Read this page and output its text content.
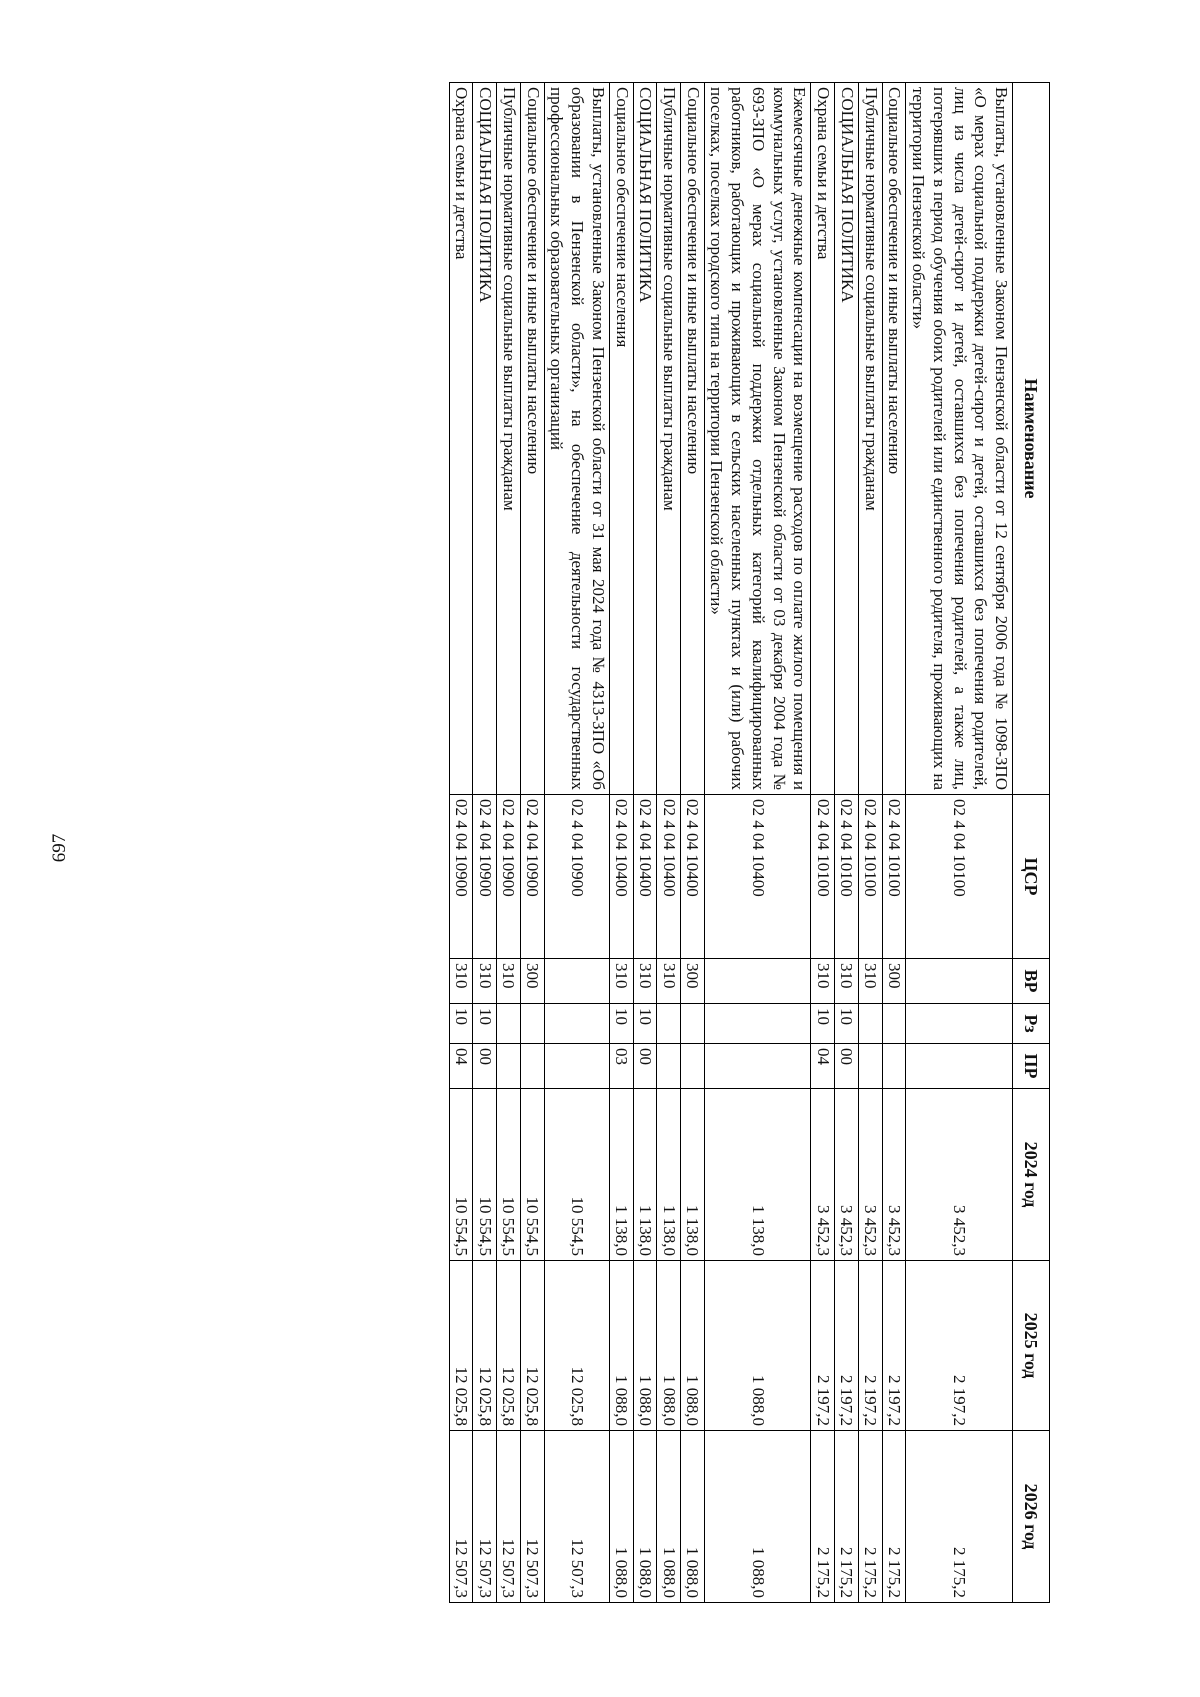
697
Наименование	ЦСР	ВР	Рз	ПР	2024 год	2025 год	2026 год
Выплаты, установленные Законом Пензенской области от 12 сентября 2006 года № 1098-ЗПО «О мерах социальной поддержки детей-сирот и детей, оставшихся без попечения родителей, лиц из числа детей-сирот и детей, оставшихся без попечения родителей, а также лиц, потерявших в период обучения обоих родителей или единственного родителя, проживающих на территории Пензенской области»	02 4 04 10100				3 452,3	2 197,2	2 175,2
Социальное обеспечение и иные выплаты населению	02 4 04 10100	300			3 452,3	2 197,2	2 175,2
Публичные нормативные социальные выплаты гражданам	02 4 04 10100	310			3 452,3	2 197,2	2 175,2
СОЦИАЛЬНАЯ ПОЛИТИКА	02 4 04 10100	310	10	00	3 452,3	2 197,2	2 175,2
Охрана семьи и детства	02 4 04 10100	310	10	04	3 452,3	2 197,2	2 175,2
Ежемесячные денежные компенсации на возмещение расходов по оплате жилого помещения и коммунальных услуг, установленные Законом Пензенской области от 03 декабря 2004 года № 693-ЗПО «О мерах социальной поддержки отдельных категорий квалифицированных работников, работающих и проживающих в сельских населенных пунктах и (или) рабочих поселках, поселках городского типа на территории Пензенской области»	02 4 04 10400				1 138,0	1 088,0	1 088,0
Социальное обеспечение и иные выплаты населению	02 4 04 10400	300			1 138,0	1 088,0	1 088,0
Публичные нормативные социальные выплаты гражданам	02 4 04 10400	310			1 138,0	1 088,0	1 088,0
СОЦИАЛЬНАЯ ПОЛИТИКА	02 4 04 10400	310	10	00	1 138,0	1 088,0	1 088,0
Социальное обеспечение населения	02 4 04 10400	310	10	03	1 138,0	1 088,0	1 088,0
Выплаты, установленные Законом Пензенской области от 31 мая 2024 года № 4313-ЗПО «Об образовании в Пензенской области», на обеспечение деятельности государственных профессиональных образовательных организаций	02 4 04 10900				10 554,5	12 025,8	12 507,3
Социальное обеспечение и иные выплаты населению	02 4 04 10900	300			10 554,5	12 025,8	12 507,3
Публичные нормативные социальные выплаты гражданам	02 4 04 10900	310			10 554,5	12 025,8	12 507,3
СОЦИАЛЬНАЯ ПОЛИТИКА	02 4 04 10900	310	10	00	10 554,5	12 025,8	12 507,3
Охрана семьи и детства	02 4 04 10900	310	10	04	10 554,5	12 025,8	12 507,3
